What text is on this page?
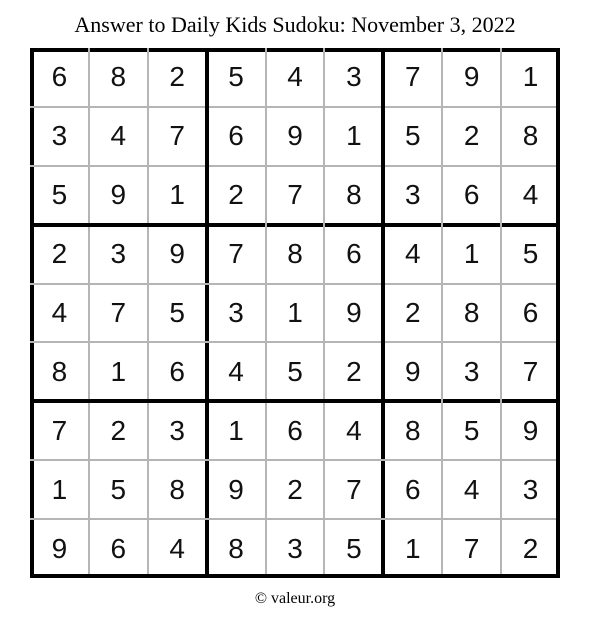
Answer to Daily Kids Sudoku: November 3, 2022
6	8	2	5	4	3	7	9	1
3	4	7	6	9	1	5	2	8
5	9	1	2	7	8	3	6	4
2	3	9	7	8	6	4	1	5
4	7	5	3	1	9	2	8	6
8	1	6	4	5	2	9	3	7
7	2	3	1	6	4	8	5	9
1	5	8	9	2	7	6	4	3
9	6	4	8	3	5	1	7	2
© valeur.org
